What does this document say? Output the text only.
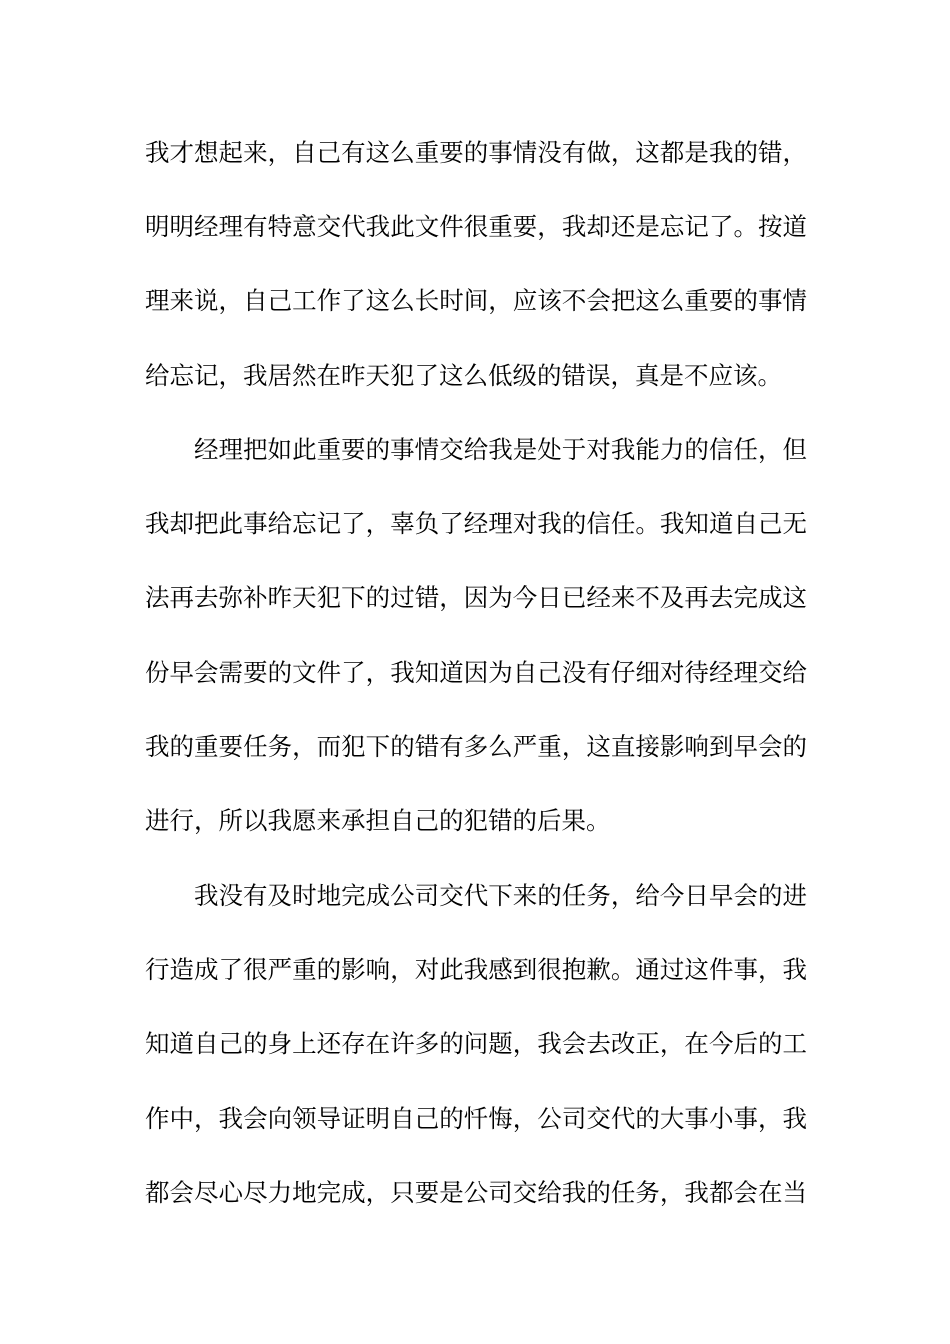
我才想起来，自己有这么重要的事情没有做，这都是我的错，
明明经理有特意交代我此文件很重要，我却还是忘记了。按道
理来说，自己工作了这么长时间，应该不会把这么重要的事情
给忘记，我居然在昨天犯了这么低级的错误，真是不应该。
经理把如此重要的事情交给我是处于对我能力的信任，但
我却把此事给忘记了，辜负了经理对我的信任。我知道自己无
法再去弥补昨天犯下的过错，因为今日已经来不及再去完成这
份早会需要的文件了，我知道因为自己没有仔细对待经理交给
我的重要任务，而犯下的错有多么严重，这直接影响到早会的
进行，所以我愿来承担自己的犯错的后果。
我没有及时地完成公司交代下来的任务，给今日早会的进
行造成了很严重的影响，对此我感到很抱歉。通过这件事，我
知道自己的身上还存在许多的问题，我会去改正，在今后的工
作中，我会向领导证明自己的忏悔，公司交代的大事小事，我
都会尽心尽力地完成，只要是公司交给我的任务，我都会在当
